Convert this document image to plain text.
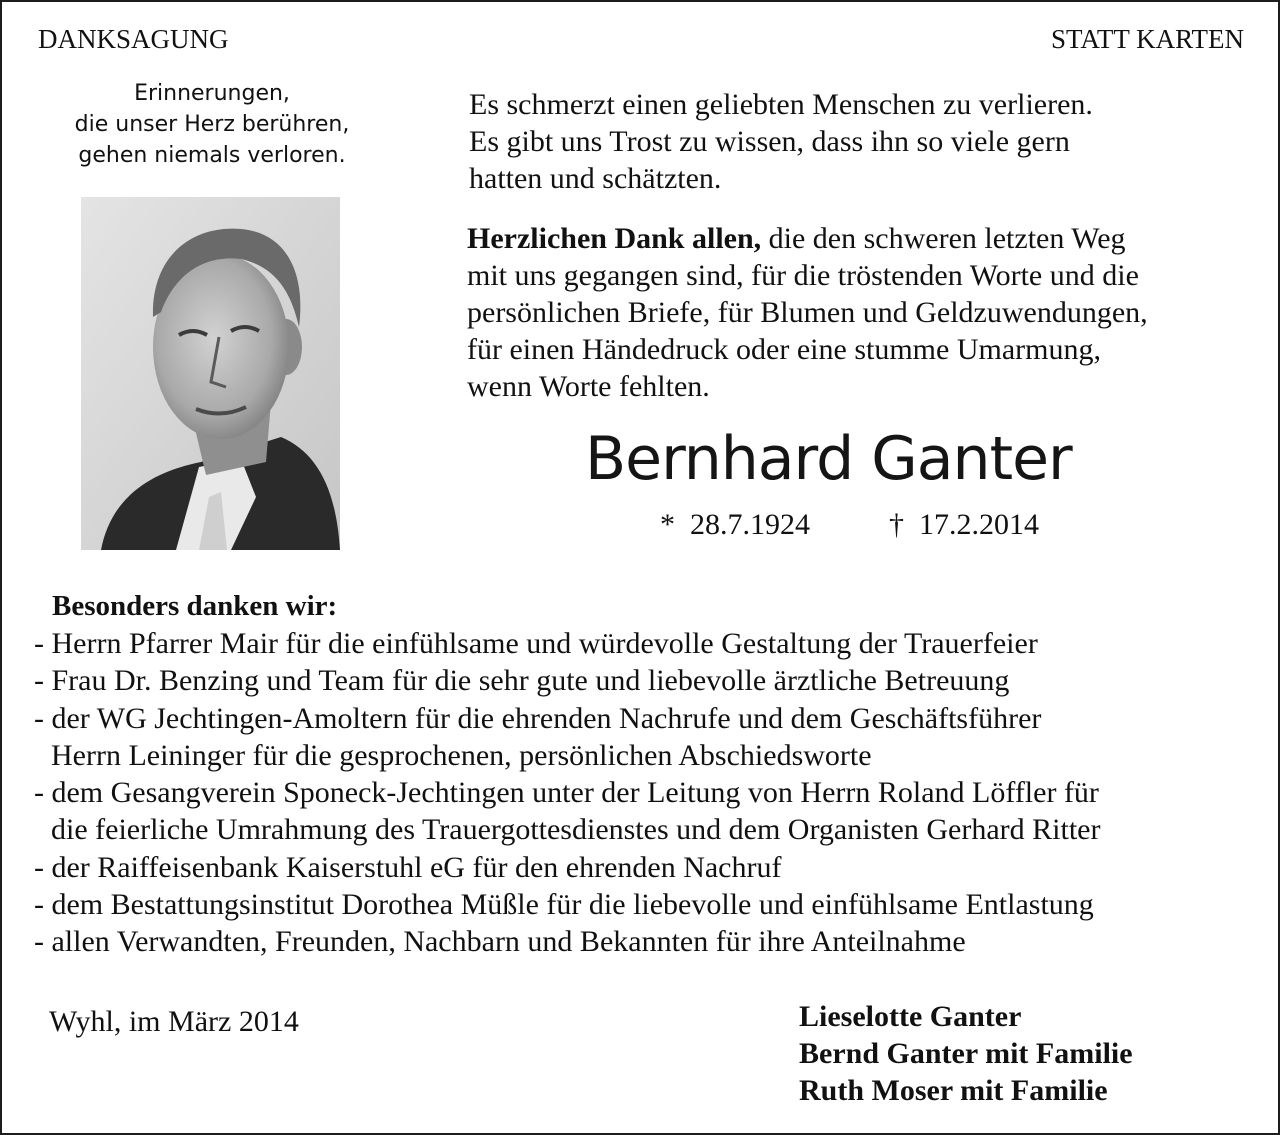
DANKSAGUNG	STATT KARTEN
Erinnerungen,
die unser Herz berühren,
gehen niemals verloren.
Es schmerzt einen geliebten Menschen zu verlieren.
Es gibt uns Trost zu wissen, dass ihn so viele gern
hatten und schätzten.
Herzlichen Dank allen, die den schweren letzten Weg
mit uns gegangen sind, für die tröstenden Worte und die
persönlichen Briefe, für Blumen und Geldzuwendungen,
für einen Händedruck oder eine stumme Umarmung,
wenn Worte fehlten.
Bernhard Ganter
* 28.7.1924	† 17.2.2014
Besonders danken wir:
- Herrn Pfarrer Mair für die einfühlsame und würdevolle Gestaltung der Trauerfeier
- Frau Dr. Benzing und Team für die sehr gute und liebevolle ärztliche Betreuung
- der WG Jechtingen-Amoltern für die ehrenden Nachrufe und dem Geschäftsführer
Herrn Leininger für die gesprochenen, persönlichen Abschiedsworte
- dem Gesangverein Sponeck-Jechtingen unter der Leitung von Herrn Roland Löffler für
die feierliche Umrahmung des Trauergottesdienstes und dem Organisten Gerhard Ritter
- der Raiffeisenbank Kaiserstuhl eG für den ehrenden Nachruf
- dem Bestattungsinstitut Dorothea Müßle für die liebevolle und einfühlsame Entlastung
- allen Verwandten, Freunden, Nachbarn und Bekannten für ihre Anteilnahme
Wyhl, im März 2014	Lieselotte Ganter
Bernd Ganter mit Familie
Ruth Moser mit Familie
